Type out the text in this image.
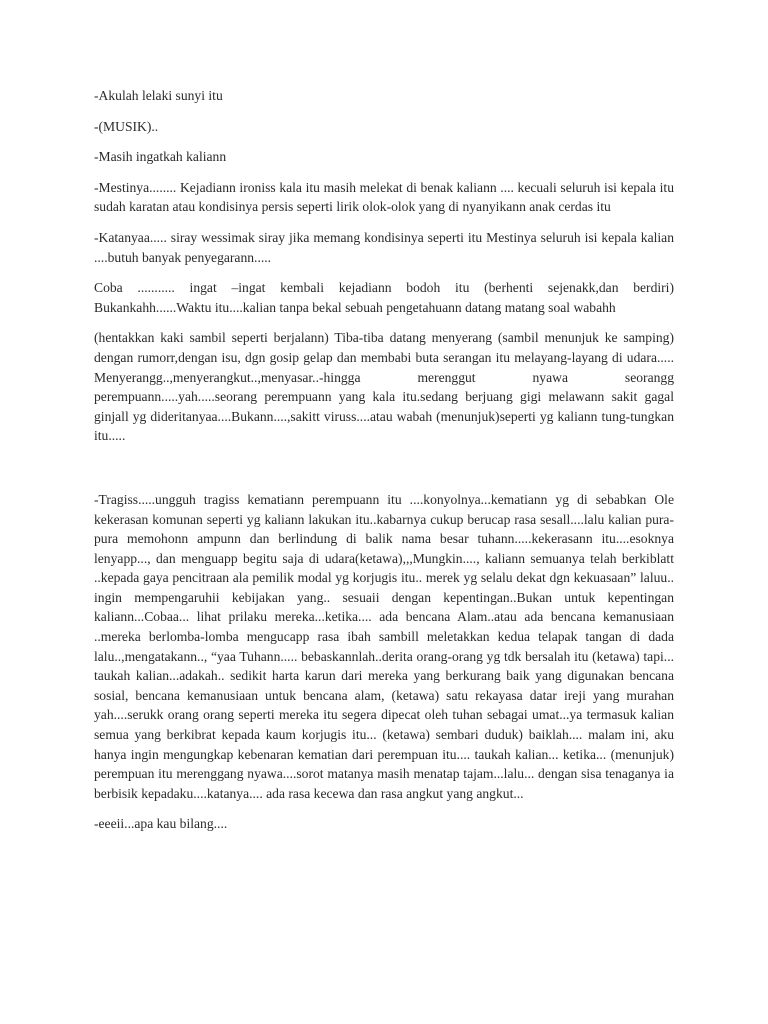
-Akulah lelaki sunyi itu

-(MUSIK)..

-Masih ingatkah kaliann

-Mestinya........ Kejadiann ironiss kala itu masih melekat di benak kaliann .... kecuali seluruh isi kepala itu sudah karatan atau kondisinya persis seperti lirik olok-olok yang di nyanyikann anak cerdas itu

-Katanyaa..... siray wessimak siray jika memang kondisinya seperti itu Mestinya seluruh isi kepala kalian ....butuh banyak penyegarann.....

Coba ........... ingat –ingat kembali kejadiann bodoh itu (berhenti sejenakk,dan berdiri) Bukankahh......Waktu itu....kalian tanpa bekal sebuah pengetahuann datang matang soal wabahh

(hentakkan kaki sambil seperti berjalann) Tiba-tiba datang menyerang (sambil menunjuk ke samping) dengan rumorr,dengan isu, dgn gosip gelap dan membabi buta serangan itu melayang-layang di udara..... Menyerangg..,menyerangkut..,menyasar..-hingga merenggut nyawa seorangg perempuann.....yah.....seorang perempuann yang kala itu.sedang berjuang gigi melawann sakit gagal ginjall yg dideritanyaa....Bukann....,sakitt viruss....atau wabah (menunjuk)seperti yg kaliann tung-tungkan itu.....

-Tragiss.....ungguh tragiss kematiann perempuann itu ....konyolnya...kematiann yg di sebabkan Ole kekerasan komunan seperti yg kaliann lakukan itu..kabarnya cukup berucap rasa sesall....lalu kalian pura-pura memohonn ampunn dan berlindung di balik nama besar tuhann.....kekerasann itu....esoknya lenyapp..., dan menguapp begitu saja di udara(ketawa),,,Mungkin...., kaliann semuanya telah berkiblatt ..kepada gaya pencitraan ala pemilik modal yg korjugis itu.. merek yg selalu dekat dgn kekuasaan” laluu.. ingin mempengaruhii kebijakan yang.. sesuaii dengan kepentingan..Bukan untuk kepentingan kaliann...Cobaa... lihat prilaku mereka...ketika.... ada bencana Alam..atau ada bencana kemanusiaan ..mereka berlomba-lomba mengucapp rasa ibah sambill meletakkan kedua telapak tangan di dada lalu..,mengatakann.., “yaa Tuhann..... bebaskannlah..derita orang-orang yg tdk bersalah itu (ketawa) tapi... taukah kalian...adakah.. sedikit harta karun dari mereka yang berkurang baik yang digunakan bencana sosial, bencana kemanusiaan untuk bencana alam, (ketawa) satu rekayasa datar ireji yang murahan yah....serukk orang orang seperti mereka itu segera dipecat oleh tuhan sebagai umat...ya termasuk kalian semua yang berkibrat kepada kaum korjugis itu... (ketawa) sembari duduk) baiklah.... malam ini, aku hanya ingin mengungkap kebenaran kematian dari perempuan itu.... taukah kalian... ketika... (menunjuk) perempuan itu merenggang nyawa....sorot matanya masih menatap tajam...lalu... dengan sisa tenaganya ia berbisik kepadaku....katanya.... ada rasa kecewa dan rasa angkut yang angkut...

-eeeii...apa kau bilang....
